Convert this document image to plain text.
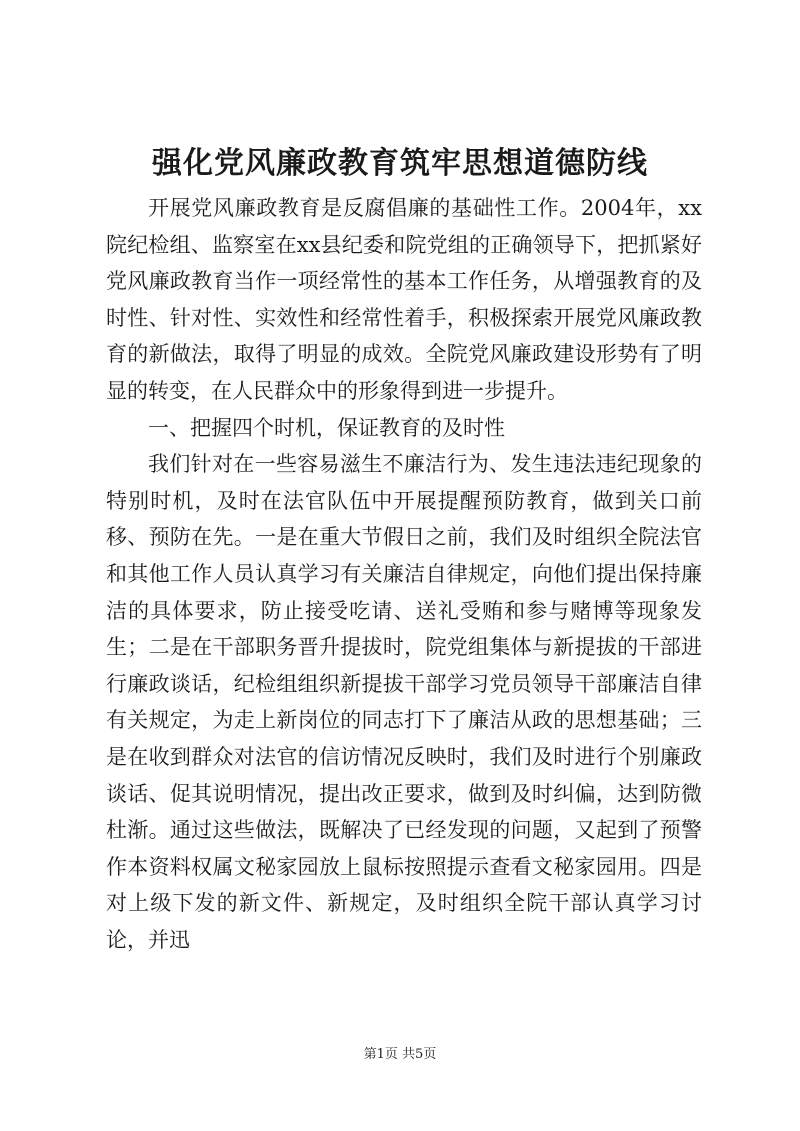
强化党风廉政教育筑牢思想道德防线

开展党风廉政教育是反腐倡廉的基础性工作。2004年，xx院纪检组、监察室在xx县纪委和院党组的正确领导下，把抓紧好党风廉政教育当作一项经常性的基本工作任务，从增强教育的及时性、针对性、实效性和经常性着手，积极探索开展党风廉政教育的新做法，取得了明显的成效。全院党风廉政建设形势有了明显的转变，在人民群众中的形象得到进一步提升。

一、把握四个时机，保证教育的及时性

我们针对在一些容易滋生不廉洁行为、发生违法违纪现象的特别时机，及时在法官队伍中开展提醒预防教育，做到关口前移、预防在先。一是在重大节假日之前，我们及时组织全院法官和其他工作人员认真学习有关廉洁自律规定，向他们提出保持廉洁的具体要求，防止接受吃请、送礼受贿和参与赌博等现象发生；二是在干部职务晋升提拔时，院党组集体与新提拔的干部进行廉政谈话，纪检组组织新提拔干部学习党员领导干部廉洁自律有关规定，为走上新岗位的同志打下了廉洁从政的思想基础；三是在收到群众对法官的信访情况反映时，我们及时进行个别廉政谈话、促其说明情况，提出改正要求，做到及时纠偏，达到防微杜渐。通过这些做法，既解决了已经发现的问题，又起到了预警作本资料权属文秘家园放上鼠标按照提示查看文秘家园用。四是对上级下发的新文件、新规定，及时组织全院干部认真学习讨论，并迅

第1页 共5页
